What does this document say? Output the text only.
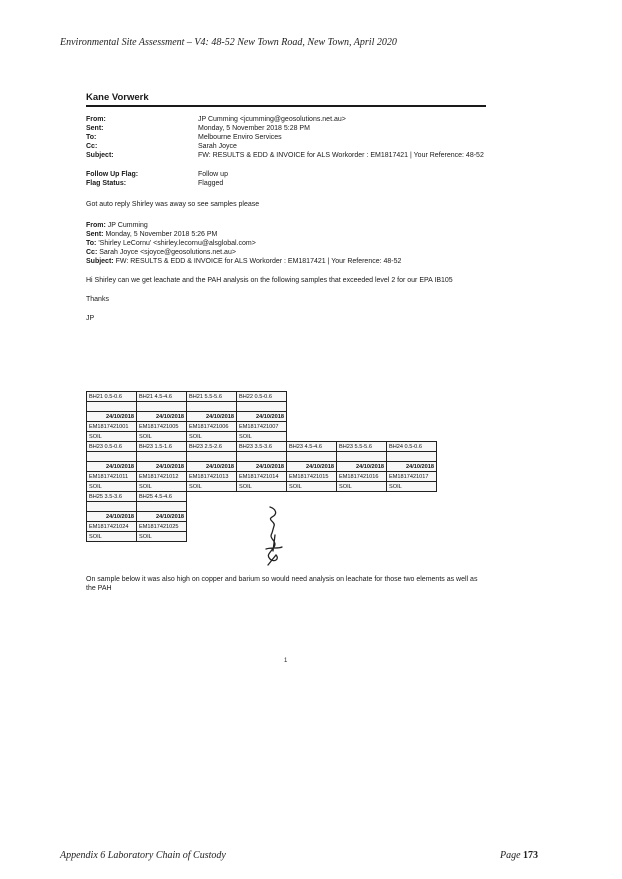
Environmental Site Assessment – V4: 48-52 New Town Road, New Town, April 2020
Kane Vorwerk
From:	JP Cumming <jcumming@geosolutions.net.au>
Sent:	Monday, 5 November 2018 5:28 PM
To:	Melbourne Enviro Services
Cc:	Sarah Joyce
Subject:	FW: RESULTS & EDD & INVOICE for ALS Workorder : EM1817421 | Your Reference: 48-52
Follow Up Flag:	Follow up
Flag Status:	Flagged
Got auto reply Shirley was away so see samples please
From: JP Cumming
Sent: Monday, 5 November 2018 5:26 PM
To: 'Shirley LeCornu' <shirley.lecornu@alsglobal.com>
Cc: Sarah Joyce <sjoyce@geosolutions.net.au>
Subject: FW: RESULTS & EDD & INVOICE for ALS Workorder : EM1817421 | Your Reference: 48-52
Hi Shirley can we get leachate and the PAH analysis on the following samples that exceeded level 2 for our EPA IB105
Thanks
JP
BH21 0.5-0.6	BH21 4.5-4.6	BH21 5.5-5.6	BH22 0.5-0.6			

24/10/2018	24/10/2018	24/10/2018	24/10/2018			
EM1817421001	EM1817421005	EM1817421006	EM1817421007			
SOIL	SOIL	SOIL	SOIL			
BH23 0.5-0.6	BH23 1.5-1.6	BH23 2.5-2.6	BH23 3.5-3.6	BH23 4.5-4.6	BH23 5.5-5.6	BH24 0.5-0.6

24/10/2018	24/10/2018	24/10/2018	24/10/2018	24/10/2018	24/10/2018	24/10/2018
EM1817421011	EM1817421012	EM1817421013	EM1817421014	EM1817421015	EM1817421016	EM1817421017
SOIL	SOIL	SOIL	SOIL	SOIL	SOIL	SOIL
BH25 3.5-3.6	BH25 4.5-4.6					

24/10/2018	24/10/2018					
EM1817421024	EM1817421025					
SOIL	SOIL					
On sample below it was also high on copper and barium so would need analysis on leachate for those two elements as well as the PAH
1
Appendix 6 Laboratory Chain of Custody	Page 173
